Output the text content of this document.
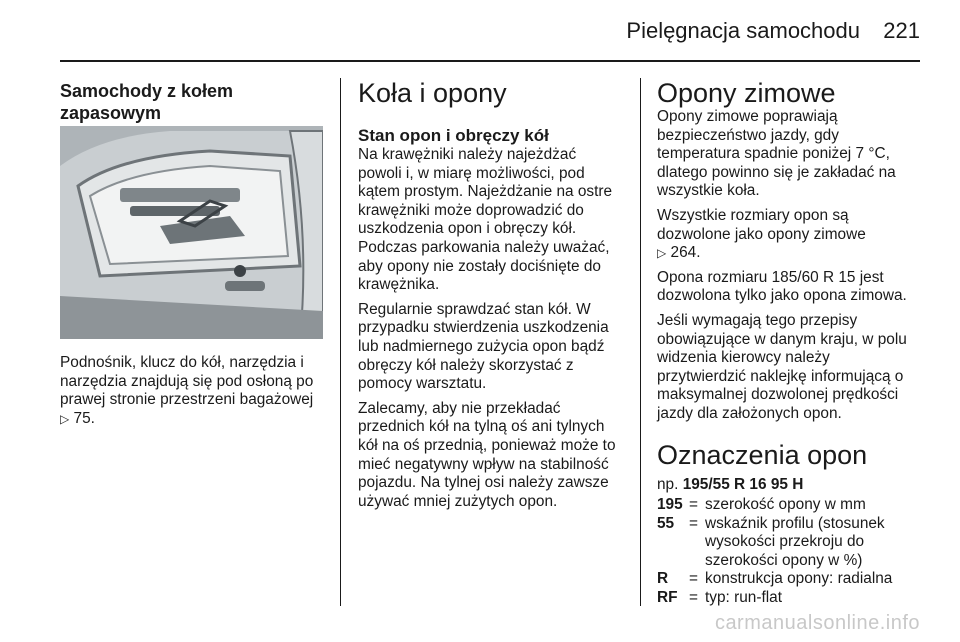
Pielęgnacja samochodu 221
Samochody z kołem zapasowym

Podnośnik, klucz do kół, narzędzia i narzędzia znajdują się pod osłoną po prawej stronie przestrzeni bagażowej
▷ 75.

Koła i opony
Stan opon i obręczy kół

Na krawężniki należy najeżdżać powoli i, w miarę możliwości, pod kątem prostym. Najeżdżanie na ostre krawężniki może doprowadzić do uszkodzenia opon i obręczy kół. Podczas parkowania należy uważać, aby opony nie zostały dociśnięte do krawężnika.

Regularnie sprawdzać stan kół. W przypadku stwierdzenia uszkodzenia lub nadmiernego zużycia opon bądź obręczy kół należy skorzystać z pomocy warsztatu.

Zalecamy, aby nie przekładać przednich kół na tylną oś ani tylnych kół na oś przednią, ponieważ może to mieć negatywny wpływ na stabilność pojazdu. Na tylnej osi należy zawsze używać mniej zużytych opon.

Opony zimowe

Opony zimowe poprawiają bezpieczeństwo jazdy, gdy temperatura spadnie poniżej 7 °C, dlatego powinno się je zakładać na wszystkie koła.

Wszystkie rozmiary opon są dozwolone jako opony zimowe
▷ 264.

Opona rozmiaru 185/60 R 15 jest dozwolona tylko jako opona zimowa.

Jeśli wymagają tego przepisy obowiązujące w danym kraju, w polu widzenia kierowcy należy przytwierdzić naklejkę informującą o maksymalnej dozwolonej prędkości jazdy dla założonych opon.

Oznaczenia opon

np. 195/55 R 16 95 H

195	=	szerokość opony w mm
55	=	wskaźnik profilu (stosunek wysokości przekroju do szerokości opony w %)
R	=	konstrukcja opony: radialna
RF	=	typ: run-flat
carmanualsonline.info
